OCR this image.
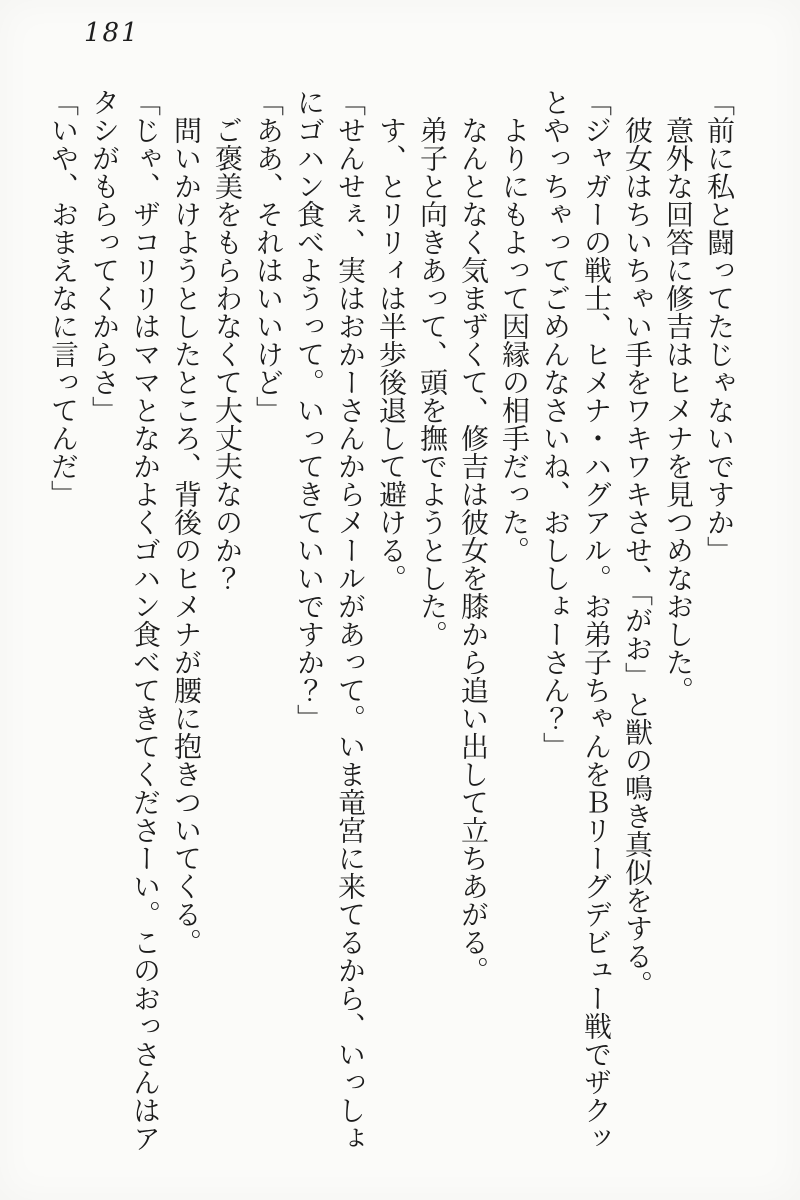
181
「前に私と闘ってたじゃないですか」
意外な回答に修吉はヒメナを見つめなおした。
彼女はちいちゃい手をワキワキさせ、「がお」と獣の鳴き真似をする。
「ジャガーの戦士、ヒメナ・ハグアル。お弟子ちゃんをＢリーグデビュー戦でザクッ
とやっちゃってごめんなさいね、おししょーさん？」
よりにもよって因縁の相手だった。
なんとなく気まずくて、修吉は彼女を膝から追い出して立ちあがる。
弟子と向きあって、頭を撫でようとした。
す、とリリィは半歩後退して避ける。
「せんせぇ、実はおかーさんからメールがあって。いま竜宮に来てるから、いっしょ
にゴハン食べようって。いってきていいですか？」
「ああ、それはいいけど」
ご褒美をもらわなくて大丈夫なのか？
問いかけようとしたところ、背後のヒメナが腰に抱きついてくる。
「じゃ、ザコリリはママとなかよくゴハン食べてきてくださーい。このおっさんはア
タシがもらってくからさ」
「いや、おまえなに言ってんだ」
